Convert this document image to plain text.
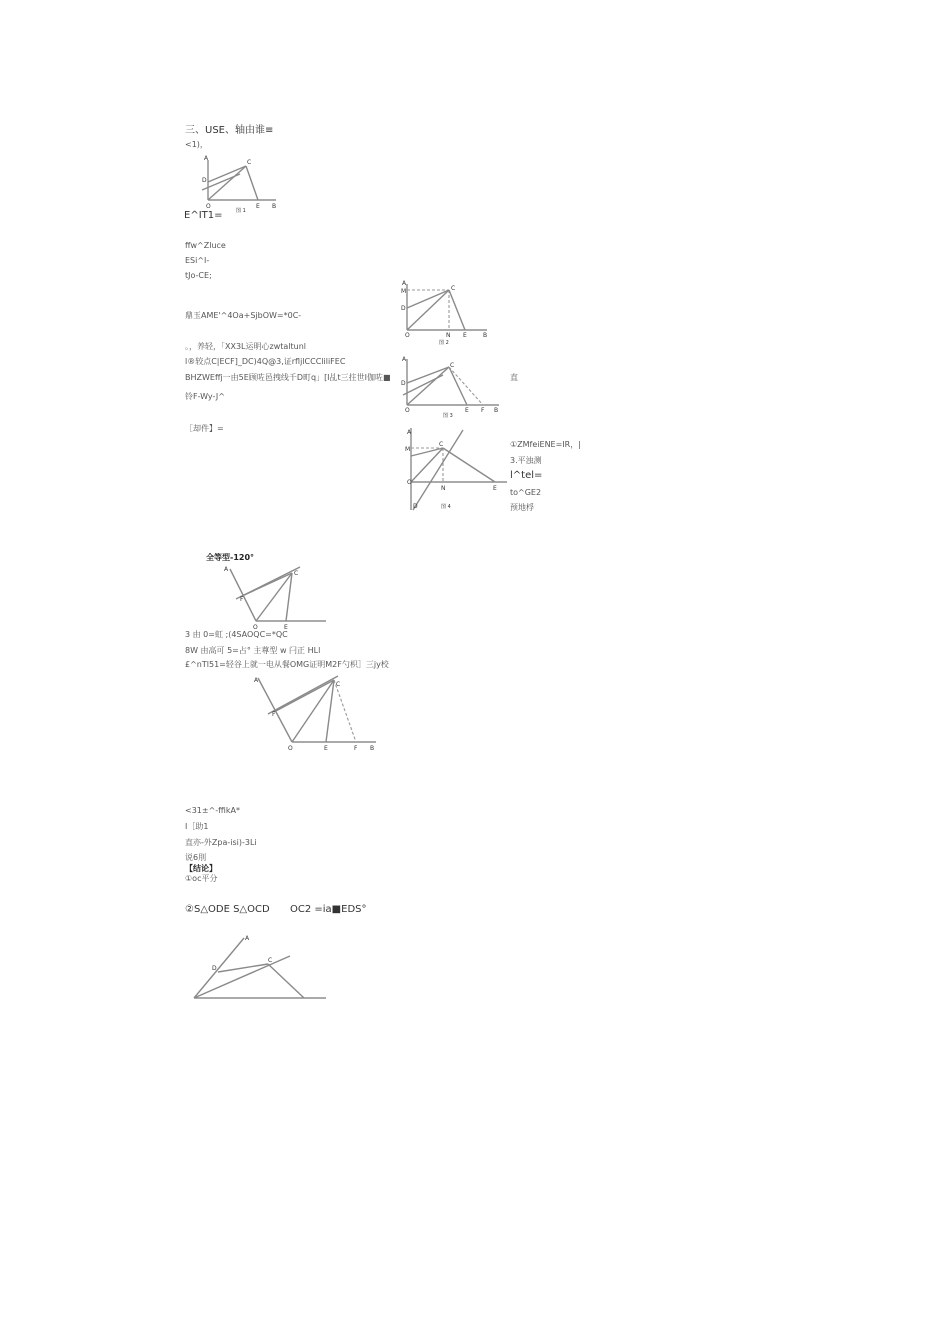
三、USE、轴由谁≡
<1)，
A
C
D
O	E B
图 1
E^IT1=
ffw^Zluce
ESi^I-
tJo-CE;
鼎玉AME'^4Oa+SjbOW=*0C-
。，养轻，「XX3L运明心zwtaltunl
l®较点C|ECF]_DC)4Q@3,证rfljlCCCliliFEC
BHZWEffj一由5E顾咗邑拽线千D町q」[I乩t三拄世I伽咗■
铃F-Wy-J^
［却件】=
A
M	C
D
O	N E	B
图 2
A
C
D
O	E F B
图 3
直
A
M
C
O
N	E
D	图 4
①ZMfeiENE=IR，|
3.平浊测
l^tel=
to^GE2
预地桴
全等型-120°
A
C
F
O	E
3 由 0=虹 ;(4SAOQC=*QC
8W 由高可 5=占° 主尊型 w 闩正 HLl
£^nTl51=轻谷上就一电从餐OMG证明M2F勺枳］三jy校
A
C
F
O	E	F B
<31±^-ffikA*
I［助1
直亦-外Zpa-isi)-3Li
说6刖
【结论】
①oc平分
②S△ODE S△OCD OC2 =ia■EDS°
A
D
C
